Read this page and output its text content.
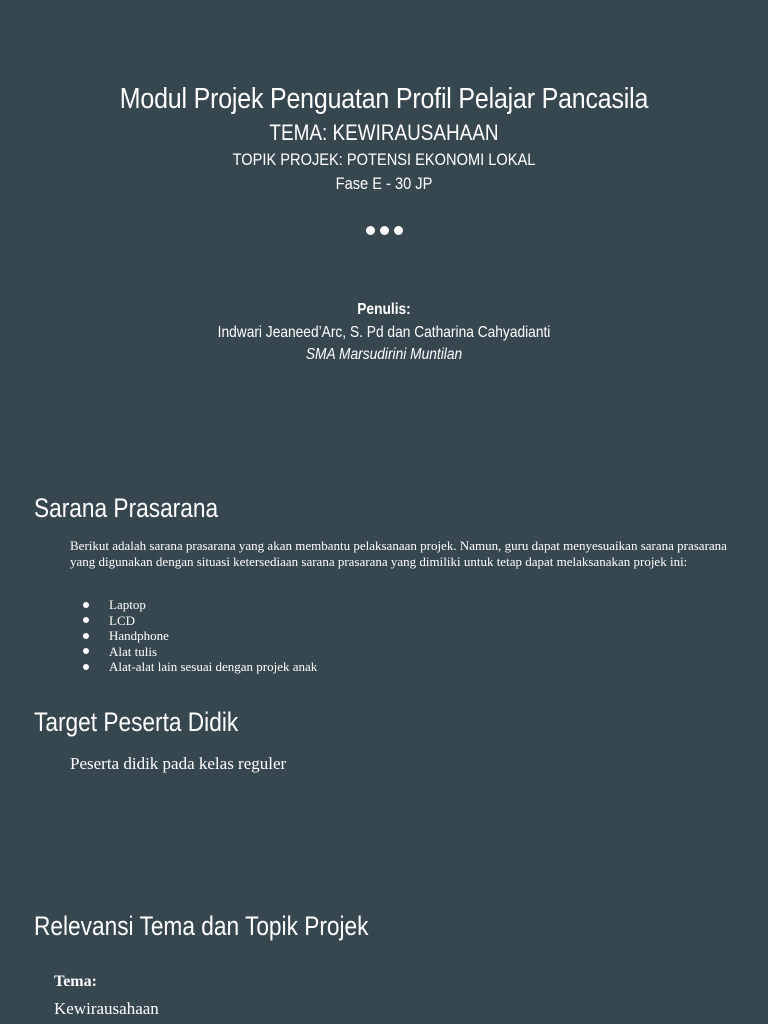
Modul Projek Penguatan Profil Pelajar Pancasila
TEMA: KEWIRAUSAHAAN
TOPIK PROJEK: POTENSI EKONOMI LOKAL
Fase E - 30 JP
Penulis:
Indwari Jeaneed’Arc, S. Pd dan Catharina Cahyadianti
SMA Marsudirini Muntilan
Sarana Prasarana

Berikut adalah sarana prasarana yang akan membantu pelaksanaan projek. Namun, guru dapat menyesuaikan sarana prasarana yang digunakan dengan situasi ketersediaan sarana prasarana yang dimiliki untuk tetap dapat melaksanakan projek ini:

Laptop
LCD
Handphone
Alat tulis
Alat-alat lain sesuai dengan projek anak
Target Peserta Didik

Peserta didik pada kelas reguler

Relevansi Tema dan Topik Projek

Tema:

Kewirausahaan
